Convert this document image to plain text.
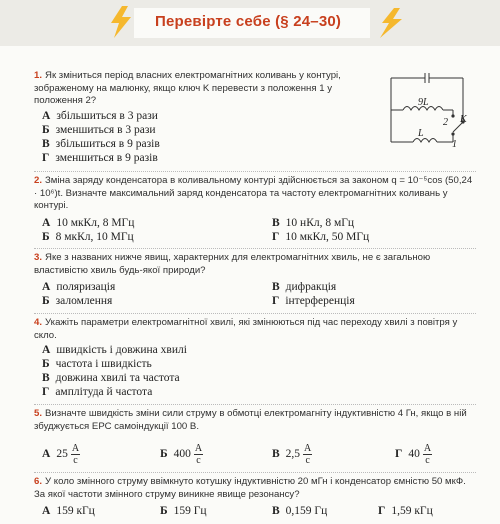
Перевірте себе (§ 24–30)
1. Як зміниться період власних електромагнітних коливань у контурі, зображеному на малюнку, якщо ключ K перевести з положення 1 у положення 2?
А збільшиться в 3 рази
Б зменшиться в 3 рази
В збільшиться в 9 разів
Г зменшиться в 9 разів
9L
L
K
2
1
2. Зміна заряду конденсатора в коливальному контурі здійснюється за законом q = 10⁻⁵cos (50,24 · 10⁶)t. Визначте максимальний заряд конденсатора та частоту електромагнітних коливань у контурі.
А 10 мкКл, 8 МГц
Б 8 мкКл, 10 МГц
В 10 нКл, 8 мГц
Г 10 мкКл, 50 МГц
3. Яке з названих нижче явищ, характерних для електромагнітних хвиль, не є загальною властивістю хвиль будь-якої природи?
А поляризація
Б заломлення
В дифракція
Г інтерференція
4. Укажіть параметри електромагнітної хвилі, які змінюються під час переходу хвилі з повітря у скло.
А швидкість і довжина хвилі
Б частота і швидкість
В довжина хвилі та частота
Г амплітуда й частота
5. Визначте швидкість зміни сили струму в обмотці електромагніту індуктивністю 4 Гн, якщо в ній збуджується ЕРС самоіндукції 100 В.
А $25 \frac{А}{с}$	Б $400 \frac{А}{с}$	В $2,5 \frac{А}{с}$	Г $40 \frac{А}{с}$
6. У коло змінного струму ввімкнуто котушку індуктивністю 20 мГн і конденсатор ємністю 50 мкФ. За якої частоти змінного струму виникне явище резонансу?
А 159 кГц	Б 159 Гц	В 0,159 Гц	Г 1,59 кГц
